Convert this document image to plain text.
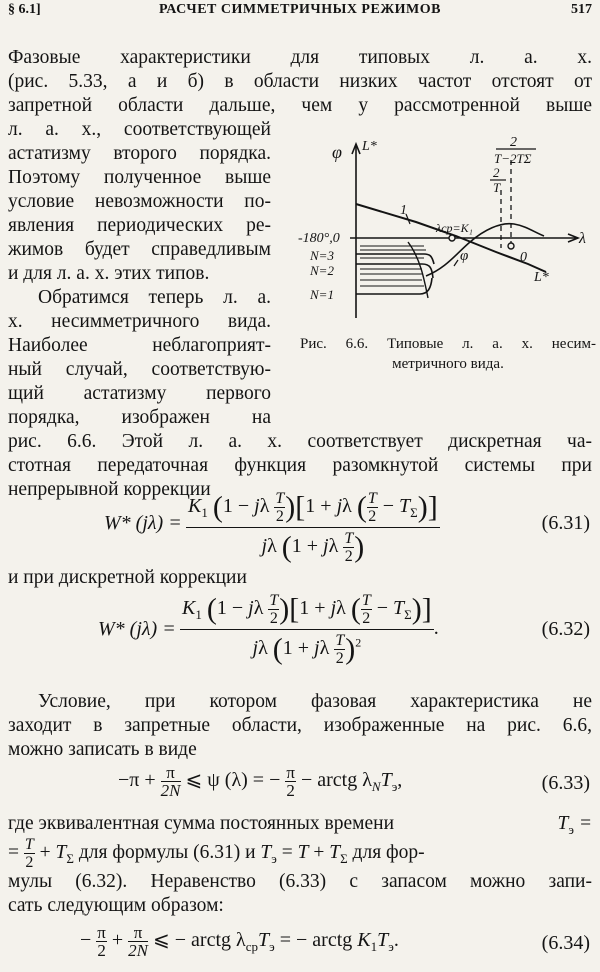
§ 6.1]	РАСЧЕТ СИММЕТРИЧНЫХ РЕЖИМОВ	517
Фазовые характеристики для типовых л. а. х.
(рис. 5.33, а и б) в области низких частот отстоят от
запретной области дальше, чем у рассмотренной выше
л. а. х., соответствующей
астатизму второго порядка.
Поэтому полученное выше
условие невозможности по-
явления периодических ре-
жимов будет справедливым
и для л. а. х. этих типов.
Обратимся теперь л. а.
х. несимметричного вида.
Наиболее неблагоприят-
ный случай, соответствую-
щий астатизму первого
порядка, изображен на
рис. 6.6. Этой л. а. х. соответствует дискретная ча-
стотная передаточная функция разомкнутой системы при
непрерывной коррекции
φ L*
-180°,0
N=3
N=2
N=1
1
λср=K₁
λ
0
φ
L*
2
T−2TΣ
2
T
Рис. 6.6. Типовые л. а. х. несим-
метричного вида.
W* $(j\lambda) = \frac{K_1 (1 - j\lambda \frac{T}{2} )[1 + j\lambda ( \frac{T}{2} - T_\Sigma)]}{j\lambda (1 + j\lambda \frac{T}{2} )}$	(6.31)
и при дискретной коррекции
W* $(j\lambda) = \frac{K_1 (1 - j\lambda \frac{T}{2} )[1 + j\lambda ( \frac{T}{2} - T_\Sigma)]}{j\lambda (1 + j\lambda \frac{T}{2} )^2}$ .	(6.32)
Условие, при котором фазовая характеристика не
заходит в запретные области, изображенные на рис. 6.6,
можно записать в виде
$-\pi + \frac{\pi}{2N}$ ⩽ ψ (λ) = − $\frac{\pi}{2}$ − arctg $\lambda_NT_э$,	(6.33)
где эквивалентная сумма постоянных времени	$T_э$ =
= $\frac{T}{2} + T_\Sigma$ для формулы (6.31) и $T_э = T + T_\Sigma$ для фор-
мулы (6.32). Неравенство (6.33) с запасом можно запи-
сать следующим образом:
− $\frac{\pi}{2} + \frac{\pi}{2N}$ ⩽ − arctg $\lambda_{ср}T_э$ = − arctg $K_1T_э$.	(6.34)
